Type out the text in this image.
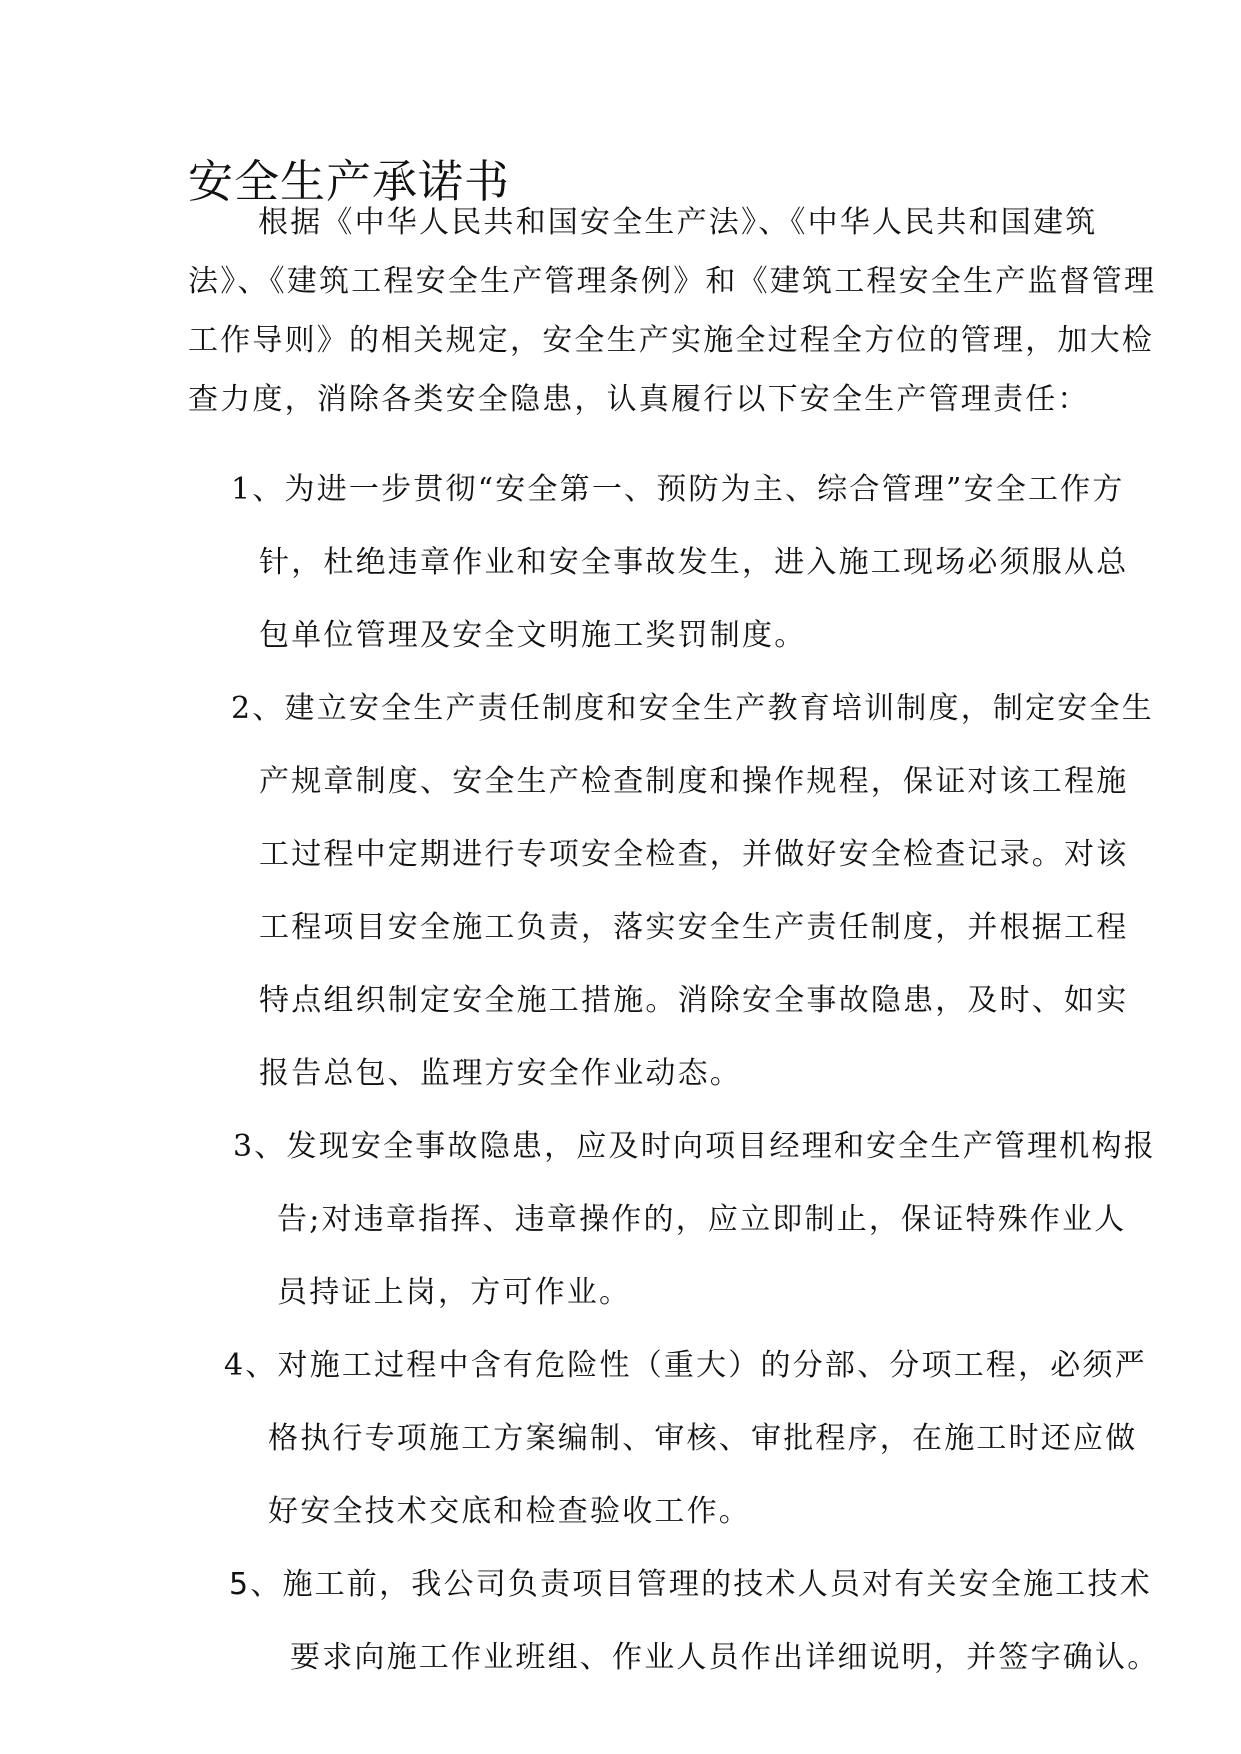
安全生产承诺书
根据《中华人民共和国安全生产法》、《中华人民共和国建筑
法》、《建筑工程安全生产管理条例》和《建筑工程安全生产监督管理
工作导则》的相关规定，安全生产实施全过程全方位的管理，加大检
查力度，消除各类安全隐患，认真履行以下安全生产管理责任：
1、为进一步贯彻“安全第一、预防为主、综合管理”安全工作方
针，杜绝违章作业和安全事故发生，进入施工现场必须服从总
包单位管理及安全文明施工奖罚制度。
2、建立安全生产责任制度和安全生产教育培训制度，制定安全生
产规章制度、安全生产检查制度和操作规程，保证对该工程施
工过程中定期进行专项安全检查，并做好安全检查记录。对该
工程项目安全施工负责，落实安全生产责任制度，并根据工程
特点组织制定安全施工措施。消除安全事故隐患，及时、如实
报告总包、监理方安全作业动态。
3、发现安全事故隐患，应及时向项目经理和安全生产管理机构报
告;对违章指挥、违章操作的，应立即制止，保证特殊作业人
员持证上岗，方可作业。
4、对施工过程中含有危险性（重大）的分部、分项工程，必须严
格执行专项施工方案编制、审核、审批程序，在施工时还应做
好安全技术交底和检查验收工作。
5、施工前，我公司负责项目管理的技术人员对有关安全施工技术
要求向施工作业班组、作业人员作出详细说明，并签字确认。
